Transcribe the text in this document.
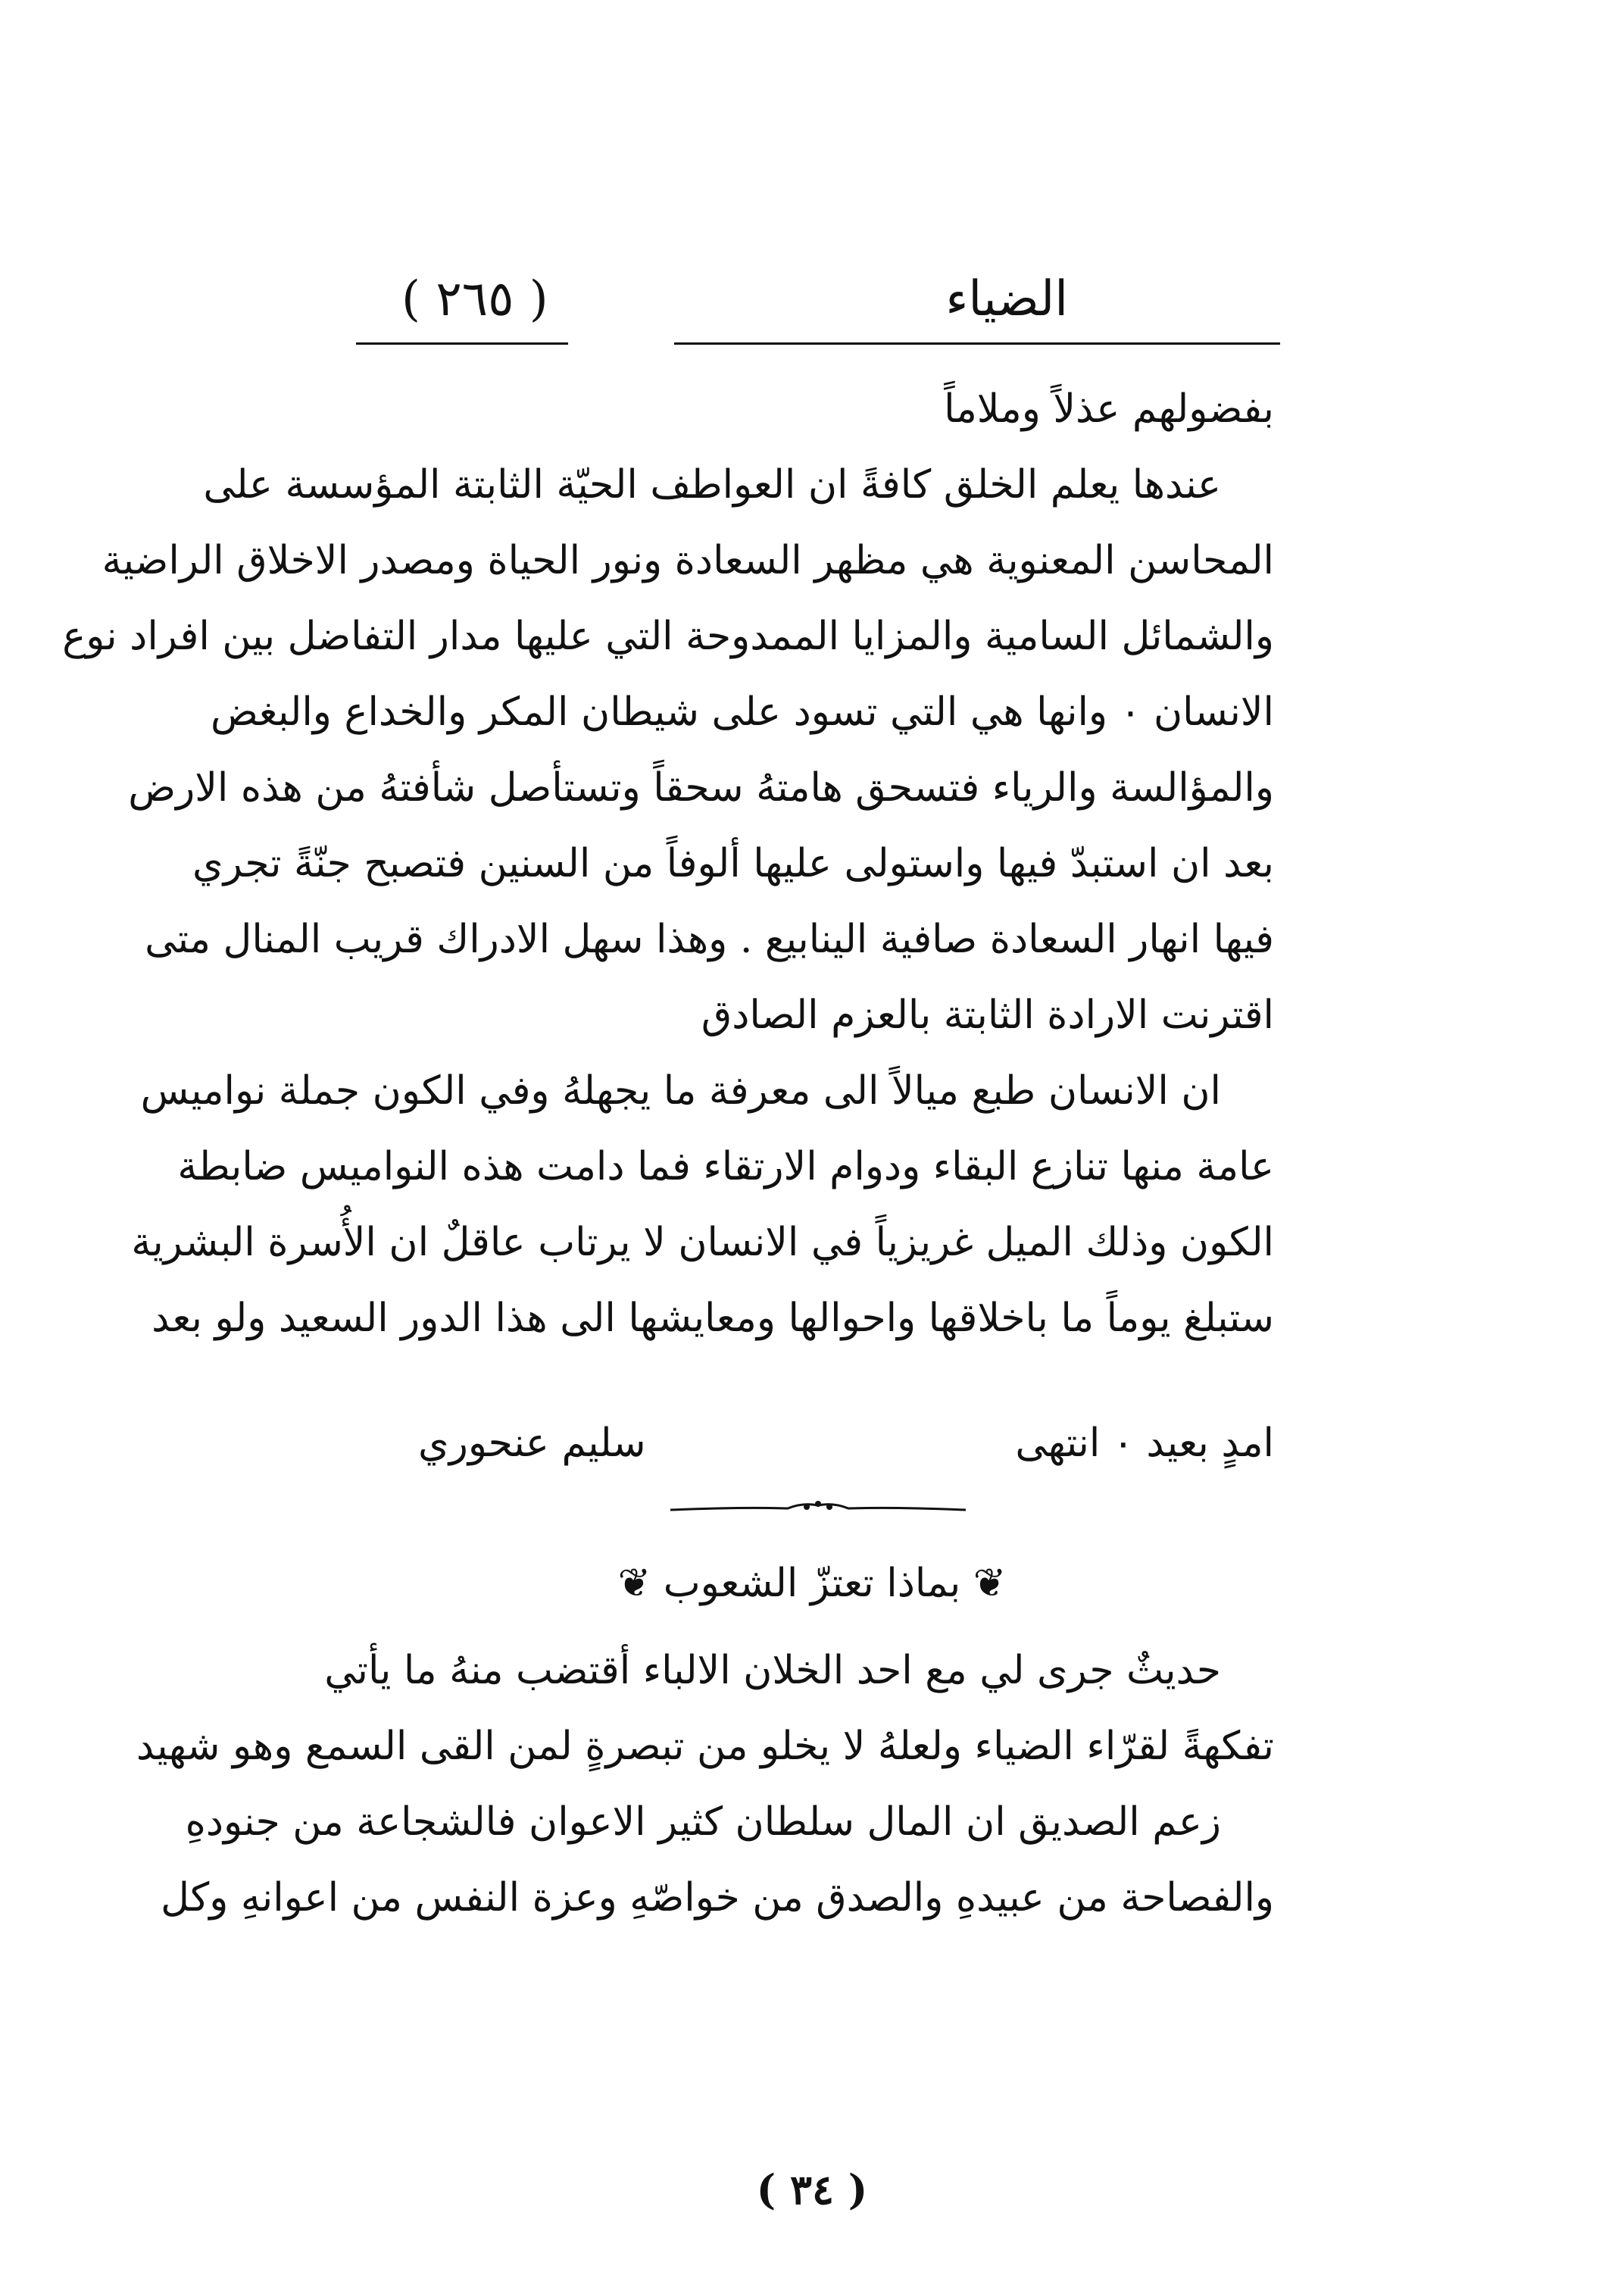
الضياء
( ٢٦٥ )
بفضولهم عذلاً وملاماً
عندها يعلم الخلق كافةً ان العواطف الحيّة الثابتة المؤسسة على
المحاسن المعنوية هي مظهر السعادة ونور الحياة ومصدر الاخلاق الراضية
والشمائل السامية والمزايا الممدوحة التي عليها مدار التفاضل بين افراد نوع
الانسان ٠ وانها هي التي تسود على شيطان المكر والخداع والبغض
والمؤالسة والرياء فتسحق هامتهُ سحقاً وتستأصل شأفتهُ من هذه الارض
بعد ان استبدّ فيها واستولى عليها ألوفاً من السنين فتصبح جنّةً تجري
فيها انهار السعادة صافية الينابيع . وهذا سهل الادراك قريب المنال متى
اقترنت الارادة الثابتة بالعزم الصادق
ان الانسان طبع ميالاً الى معرفة ما يجهلهُ وفي الكون جملة نواميس
عامة منها تنازع البقاء ودوام الارتقاء فما دامت هذه النواميس ضابطة
الكون وذلك الميل غريزياً في الانسان لا يرتاب عاقلٌ ان الأُسرة البشرية
ستبلغ يوماً ما باخلاقها واحوالها ومعايشها الى هذا الدور السعيد ولو بعد
امدٍ بعيد ٠ انتهى
سليم عنحوري
❦ بماذا تعتزّ الشعوب ❦
حديثٌ جرى لي مع احد الخلان الالباء أقتضب منهُ ما يأتي
تفكهةً لقرّاء الضياء ولعلهُ لا يخلو من تبصرةٍ لمن القى السمع وهو شهيد
زعم الصديق ان المال سلطان كثير الاعوان فالشجاعة من جنودهِ
والفصاحة من عبيدهِ والصدق من خواصّهِ وعزة النفس من اعوانهِ وكل
( ٣٤ )
